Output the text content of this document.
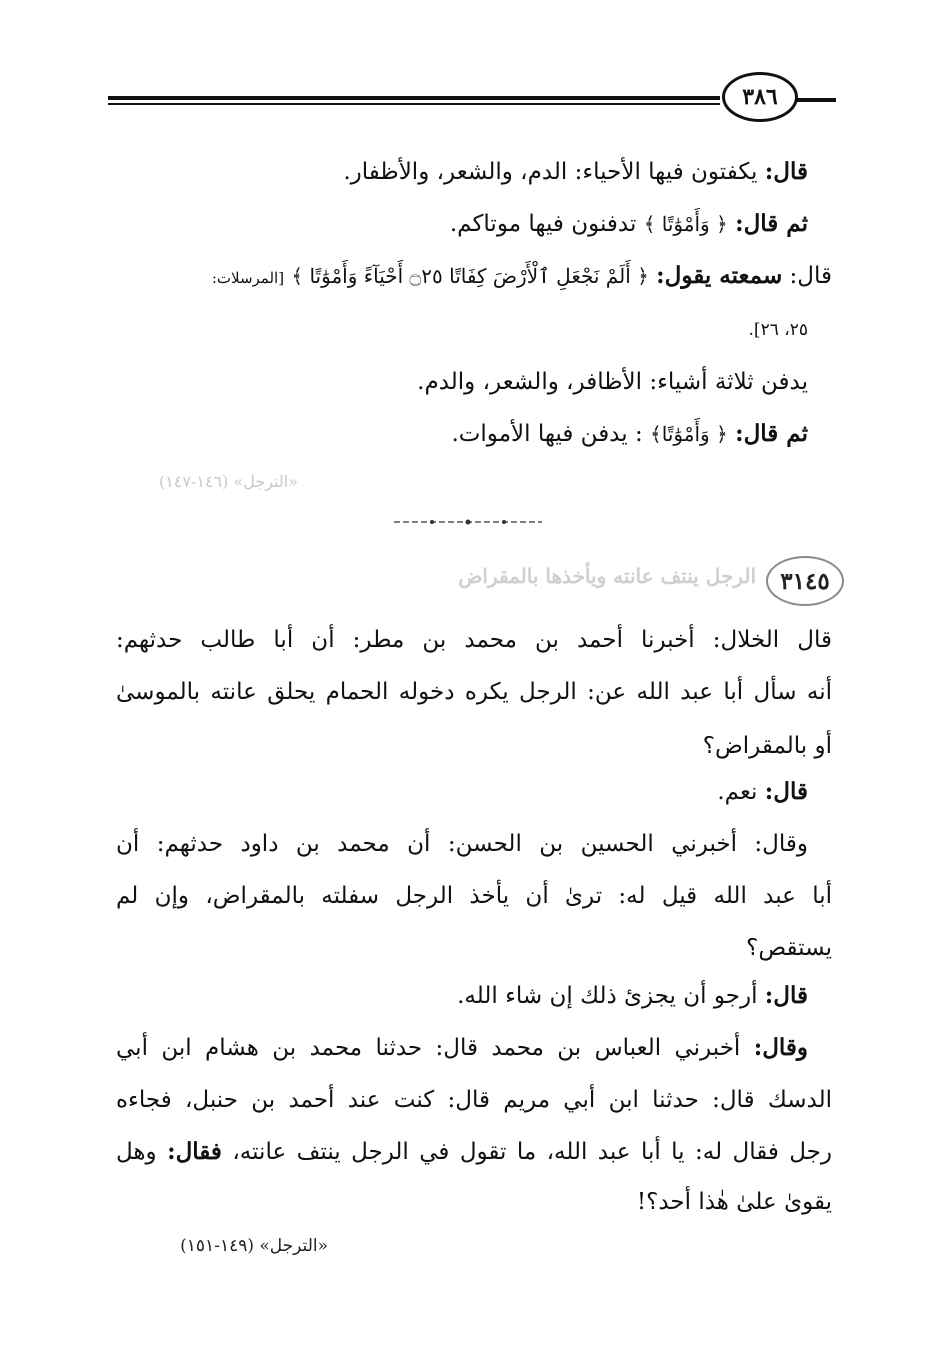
٣٨٦
قال: يكفتون فيها الأحياء: الدم، والشعر، والأظفار.
ثم قال: ﴿ وَأَمْوَٰتًا ﴾ تدفنون فيها موتاكم.
قال: سمعته يقول: ﴿ أَلَمْ نَجْعَلِ ٱلْأَرْضَ كِفَاتًا ۝٢٥ أَحْيَآءً وَأَمْوَٰتًا ﴾ [المرسلات:
٢٥، ٢٦].
يدفن ثلاثة أشياء: الأظافر، والشعر، والدم.
ثم قال: ﴿ وَأَمْوَٰتًا﴾ : يدفن فيها الأموات.
«الترجل» (١٤٦-١٤٧)
٣١٤٥
الرجل ينتف عانته ويأخذها بالمقراض
قال الخلال: أخبرنا أحمد بن محمد بن مطر: أن أبا طالب حدثهم:
أنه سأل أبا عبد الله عن: الرجل يكره دخوله الحمام يحلق عانته بالموسىٰ
أو بالمقراض؟
قال: نعم.
وقال: أخبرني الحسين بن الحسن: أن محمد بن داود حدثهم: أن
أبا عبد الله قيل له: ترىٰ أن يأخذ الرجل سفلته بالمقراض، وإن لم
يستقص؟
قال: أرجو أن يجزئ ذلك إن شاء الله.
وقال: أخبرني العباس بن محمد قال: حدثنا محمد بن هشام ابن أبي
الدسك قال: حدثنا ابن أبي مريم قال: كنت عند أحمد بن حنبل، فجاءه
رجل فقال له: يا أبا عبد الله، ما تقول في الرجل ينتف عانته، فقال: وهل
يقوىٰ علىٰ هٰذا أحد؟!
«الترجل» (١٤٩-١٥١)
